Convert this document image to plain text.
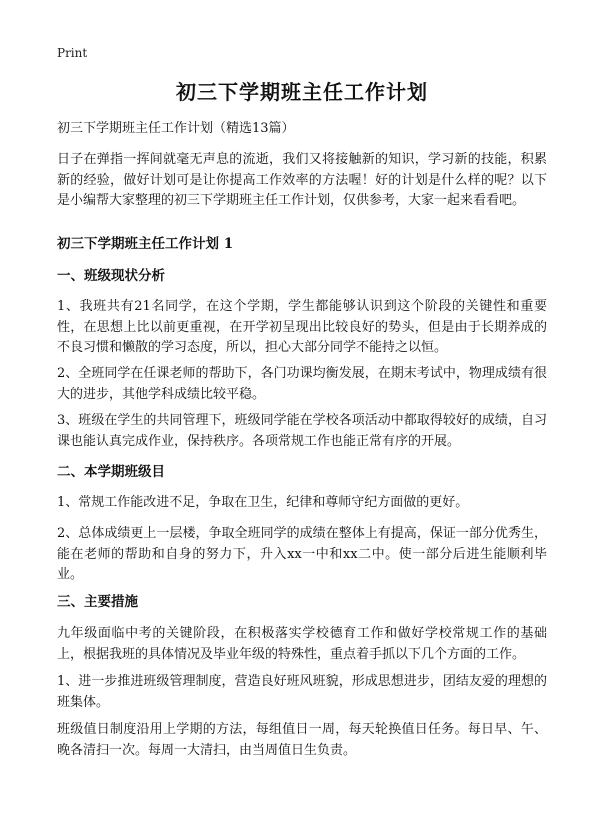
Print
初三下学期班主任工作计划

初三下学期班主任工作计划（精选13篇）

日子在弹指一挥间就毫无声息的流逝，我们又将接触新的知识，学习新的技能，积累新的经验，做好计划可是让你提高工作效率的方法喔！好的计划是什么样的呢？以下是小编帮大家整理的初三下学期班主任工作计划，仅供参考，大家一起来看看吧。

初三下学期班主任工作计划 1
一、班级现状分析

1、我班共有21名同学，在这个学期，学生都能够认识到这个阶段的关键性和重要性，在思想上比以前更重视，在开学初呈现出比较良好的势头，但是由于长期养成的不良习惯和懒散的学习态度，所以，担心大部分同学不能持之以恒。

2、全班同学在任课老师的帮助下，各门功课均衡发展，在期末考试中，物理成绩有很大的进步，其他学科成绩比较平稳。

3、班级在学生的共同管理下，班级同学能在学校各项活动中都取得较好的成绩，自习课也能认真完成作业，保持秩序。各项常规工作也能正常有序的开展。

二、本学期班级目

1、常规工作能改进不足，争取在卫生，纪律和尊师守纪方面做的更好。

2、总体成绩更上一层楼，争取全班同学的成绩在整体上有提高，保证一部分优秀生，能在老师的帮助和自身的努力下，升入xx一中和xx二中。使一部分后进生能顺利毕业。

三、主要措施

九年级面临中考的关键阶段，在积极落实学校德育工作和做好学校常规工作的基础上，根据我班的具体情况及毕业年级的特殊性，重点着手抓以下几个方面的工作。

1、进一步推进班级管理制度，营造良好班风班貌，形成思想进步，团结友爱的理想的班集体。

班级值日制度沿用上学期的方法，每组值日一周，每天轮换值日任务。每日早、午、晚各清扫一次。每周一大清扫，由当周值日生负责。
